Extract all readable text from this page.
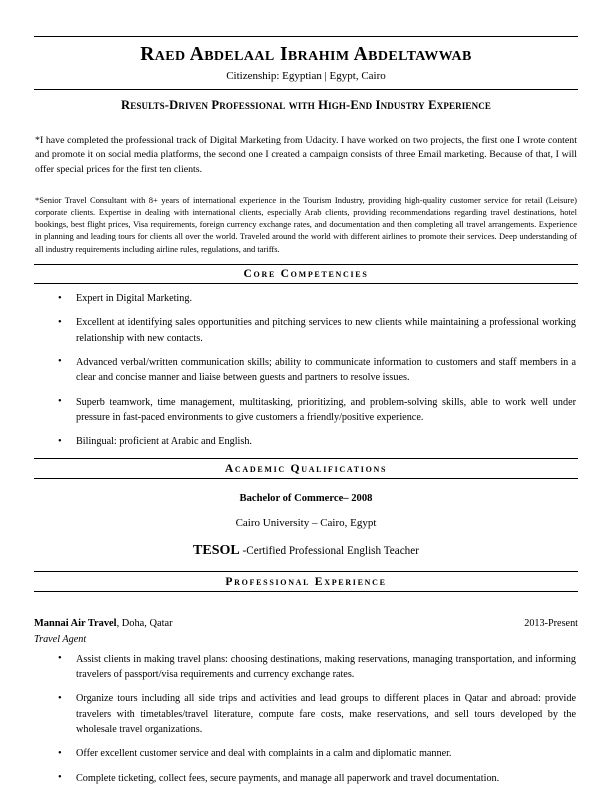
Raed Abdelaal Ibrahim Abdeltawwab
Citizenship: Egyptian | Egypt, Cairo
Results-Driven Professional with High-End Industry Experience

*I have completed the professional track of Digital Marketing from Udacity. I have worked on two projects, the first one I wrote content and promote it on social media platforms, the second one I created a campaign consists of three Email marketing. Because of that, I will offer special prices for the first ten clients.

*Senior Travel Consultant with 8+ years of international experience in the Tourism Industry, providing high-quality customer service for retail (Leisure) corporate clients. Expertise in dealing with international clients, especially Arab clients, providing recommendations regarding travel destinations, hotel bookings, best flight prices, Visa requirements, foreign currency exchange rates, and documentation and then completing all travel arrangements. Experience in planning and leading tours for clients all over the world. Traveled around the world with different airlines to promote their services. Deep understanding of all industry requirements including airline rules, regulations, and tariffs.

Core Competencies
• Expert in Digital Marketing.
• Excellent at identifying sales opportunities and pitching services to new clients while maintaining a professional working relationship with new contacts.
• Advanced verbal/written communication skills; ability to communicate information to customers and staff members in a clear and concise manner and liaise between guests and partners to resolve issues.
• Superb teamwork, time management, multitasking, prioritizing, and problem-solving skills, able to work well under pressure in fast-paced environments to give customers a friendly/positive experience.
• Bilingual: proficient at Arabic and English.
Academic Qualifications
Bachelor of Commerce– 2008
Cairo University – Cairo, Egypt
TESOL -Certified Professional English Teacher
Professional Experience
Mannai Air Travel, Doha, Qatar	2013-Present
Travel Agent
• Assist clients in making travel plans: choosing destinations, making reservations, managing transportation, and informing travelers of passport/visa requirements and currency exchange rates.
• Organize tours including all side trips and activities and lead groups to different places in Qatar and abroad: provide travelers with timetables/travel literature, compute fare costs, make reservations, and sell tours developed by the wholesale travel organizations.
• Offer excellent customer service and deal with complaints in a calm and diplomatic manner.
• Complete ticketing, collect fees, secure payments, and manage all paperwork and travel documentation.
